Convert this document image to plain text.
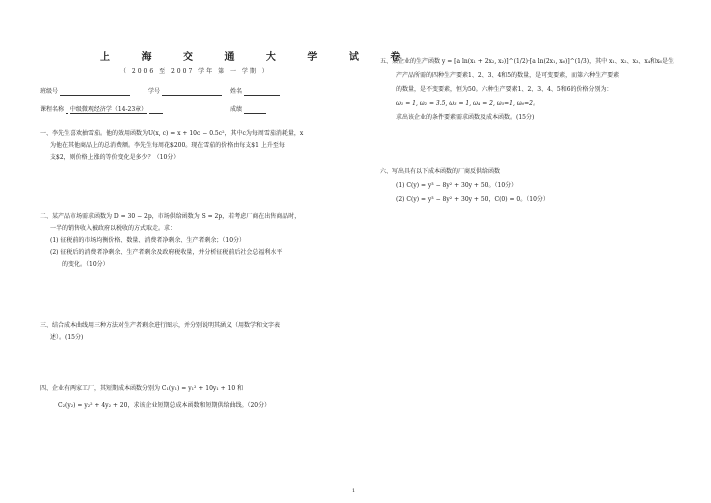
上 海 交 通 大 学 试 卷
（ 2006 至 2007 学年 第 一 学期 ）
班级号	学号	姓名
课程名称 中级微观经济学（14-23章）	成绩
一、李先生喜欢抽雪茄。他的效用函数为U(x, c) = x + 10c − 0.5c²，其中c为每周雪茄消耗量，x
为他在其他商品上的总消费额。李先生每周花$200。现在雪茄的价格由每支$1 上升至每
支$2，则价格上涨的等价变化是多少？（10分）
二、某产品市场需求函数为 D = 30 − 2p，市场供给函数为 S = 2p，若考虑厂商在出售商品时，
一半的销售收入被政府以税收的方式取走。求：
(1) 征税前的市场均衡价格、数量、消费者净剩余、生产者剩余；（10分）
(2) 征税后的消费者净剩余、生产者剩余及政府税收量，并分析征税前后社会总福利水平
的变化。（10分）
三、结合成本曲线用三种方法对生产者剩余进行图示，并分别说明其涵义（用数学和文字表
述）。(15分)
四、企业有两家工厂，其短期成本函数分别为 C₁(y₁) = y₁² + 10y₁ + 10 和
C₂(y₂) = y₂² + 4y₂ + 20，求该企业短期总成本函数和短期供给曲线。（20分）
五、某企业的生产函数 y = [a ln(x₁ + 2x₂, x₂)]^(1/2)·[a ln(2x₁, x₆)]^(1/3)，其中 x₁、x₂、x₃、x₄和x₆是生
产产品所需的四种生产要素1、2、3、4和5的数量，是可变要素，而第六种生产要素
的数量，是不变要素，恒为50。六种生产要素1、2、3、4、5和6的价格分别为：
ω₁ = 1, ω₂ = 3.5, ω₃ = 1, ω₄ = 2, ω₅=1, ω₆=2。
求出该企业的条件要素需求函数及成本函数。(15分)
六、写出具有以下成本函数的厂商反供给函数
(1) C(y) = y³ − 8y² + 30y + 50。（10分）
(2) C(y) = y³ − 8y² + 30y + 50，C(0) = 0。（10分）
1
